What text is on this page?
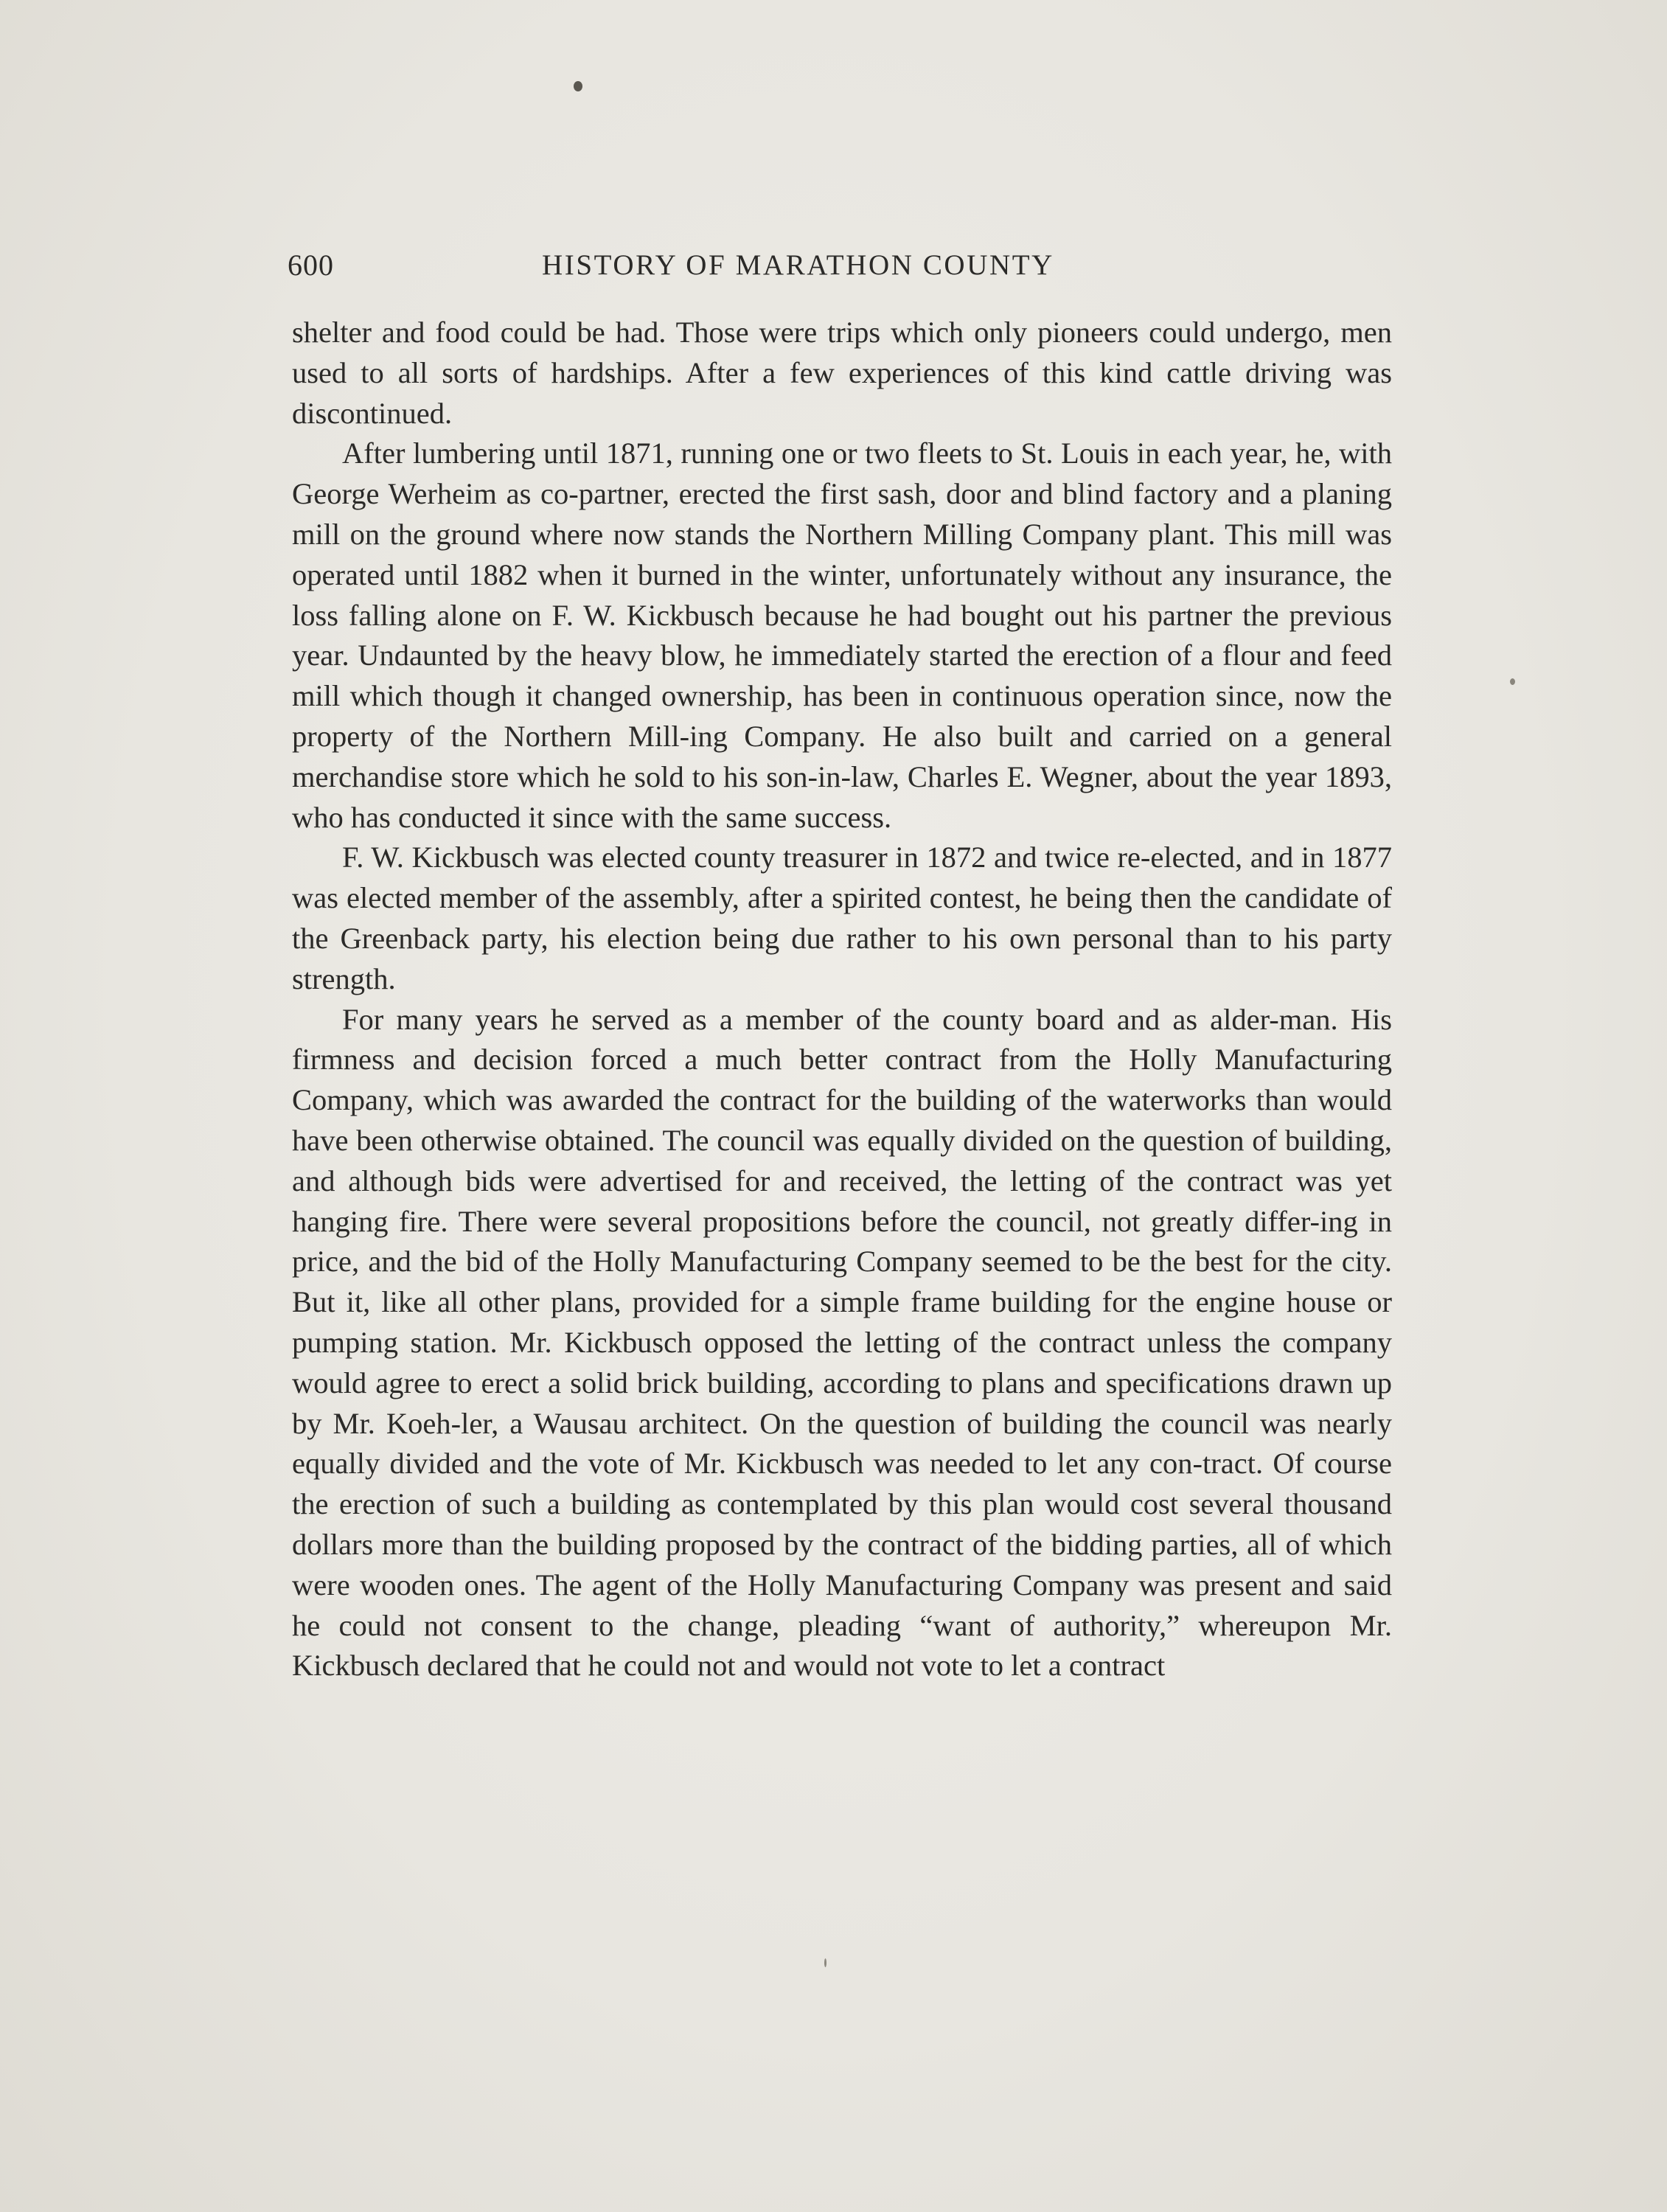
600	HISTORY OF MARATHON COUNTY

shelter and food could be had. Those were trips which only pioneers could undergo, men used to all sorts of hardships. After a few experiences of this kind cattle driving was discontinued.

After lumbering until 1871, running one or two fleets to St. Louis in each year, he, with George Werheim as co-partner, erected the first sash, door and blind factory and a planing mill on the ground where now stands the Northern Milling Company plant. This mill was operated until 1882 when it burned in the winter, unfortunately without any insurance, the loss falling alone on F. W. Kickbusch because he had bought out his partner the previous year. Undaunted by the heavy blow, he immediately started the erection of a flour and feed mill which though it changed ownership, has been in continuous operation since, now the property of the Northern Mill-ing Company. He also built and carried on a general merchandise store which he sold to his son-in-law, Charles E. Wegner, about the year 1893, who has conducted it since with the same success.

F. W. Kickbusch was elected county treasurer in 1872 and twice re-elected, and in 1877 was elected member of the assembly, after a spirited contest, he being then the candidate of the Greenback party, his election being due rather to his own personal than to his party strength.

For many years he served as a member of the county board and as alder-man. His firmness and decision forced a much better contract from the Holly Manufacturing Company, which was awarded the contract for the building of the waterworks than would have been otherwise obtained. The council was equally divided on the question of building, and although bids were advertised for and received, the letting of the contract was yet hanging fire. There were several propositions before the council, not greatly differ-ing in price, and the bid of the Holly Manufacturing Company seemed to be the best for the city. But it, like all other plans, provided for a simple frame building for the engine house or pumping station. Mr. Kickbusch opposed the letting of the contract unless the company would agree to erect a solid brick building, according to plans and specifications drawn up by Mr. Koeh-ler, a Wausau architect. On the question of building the council was nearly equally divided and the vote of Mr. Kickbusch was needed to let any con-tract. Of course the erection of such a building as contemplated by this plan would cost several thousand dollars more than the building proposed by the contract of the bidding parties, all of which were wooden ones. The agent of the Holly Manufacturing Company was present and said he could not consent to the change, pleading “want of authority,” whereupon Mr. Kickbusch declared that he could not and would not vote to let a contract
